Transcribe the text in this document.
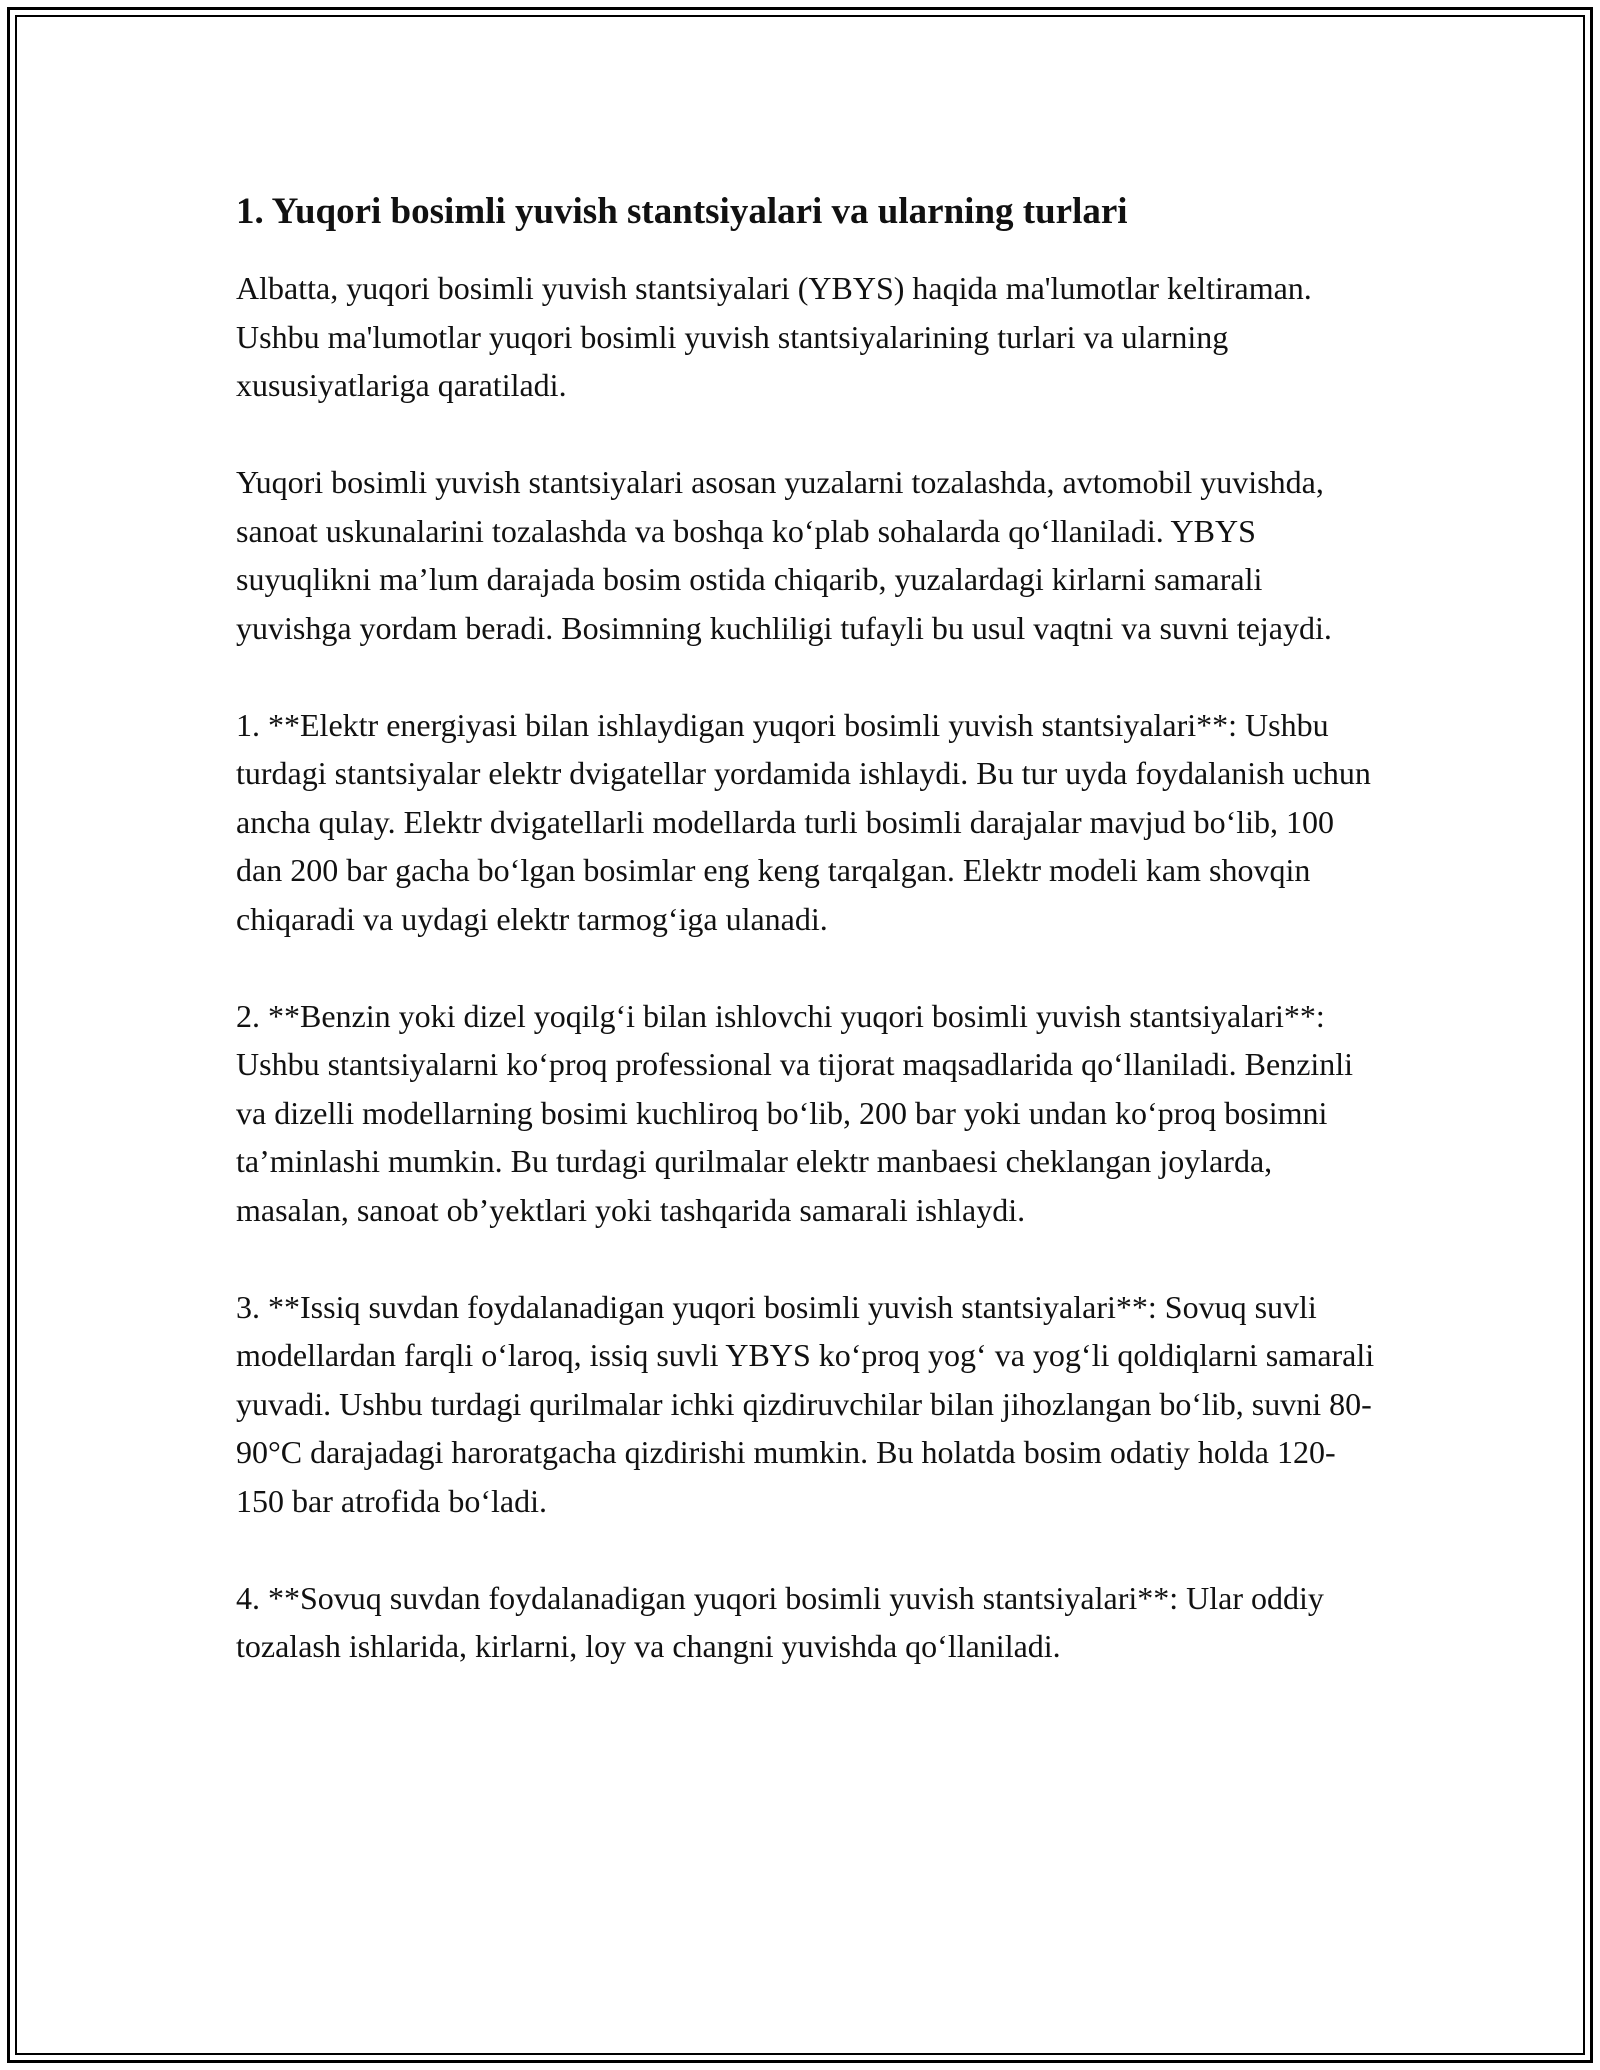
1. Yuqori bosimli yuvish stantsiyalari va ularning turlari

Albatta, yuqori bosimli yuvish stantsiyalari (YBYS) haqida ma'lumotlar keltiraman. Ushbu ma'lumotlar yuqori bosimli yuvish stantsiyalarining turlari va ularning xususiyatlariga qaratiladi.

Yuqori bosimli yuvish stantsiyalari asosan yuzalarni tozalashda, avtomobil yuvishda, sanoat uskunalarini tozalashda va boshqa ko‘plab sohalarda qo‘llaniladi. YBYS suyuqlikni ma’lum darajada bosim ostida chiqarib, yuzalardagi kirlarni samarali yuvishga yordam beradi. Bosimning kuchliligi tufayli bu usul vaqtni va suvni tejaydi.

1. **Elektr energiyasi bilan ishlaydigan yuqori bosimli yuvish stantsiyalari**: Ushbu turdagi stantsiyalar elektr dvigatellar yordamida ishlaydi. Bu tur uyda foydalanish uchun ancha qulay. Elektr dvigatellarli modellarda turli bosimli darajalar mavjud bo‘lib, 100 dan 200 bar gacha bo‘lgan bosimlar eng keng tarqalgan. Elektr modeli kam shovqin chiqaradi va uydagi elektr tarmog‘iga ulanadi.

2. **Benzin yoki dizel yoqilg‘i bilan ishlovchi yuqori bosimli yuvish stantsiyalari**: Ushbu stantsiyalarni ko‘proq professional va tijorat maqsadlarida qo‘llaniladi. Benzinli va dizelli modellarning bosimi kuchliroq bo‘lib, 200 bar yoki undan ko‘proq bosimni ta’minlashi mumkin. Bu turdagi qurilmalar elektr manbaesi cheklangan joylarda, masalan, sanoat ob’yektlari yoki tashqarida samarali ishlaydi.

3. **Issiq suvdan foydalanadigan yuqori bosimli yuvish stantsiyalari**: Sovuq suvli modellardan farqli o‘laroq, issiq suvli YBYS ko‘proq yog‘ va yog‘li qoldiqlarni samarali yuvadi. Ushbu turdagi qurilmalar ichki qizdiruvchilar bilan jihozlangan bo‘lib, suvni 80-90°C darajadagi haroratgacha qizdirishi mumkin. Bu holatda bosim odatiy holda 120-150 bar atrofida bo‘ladi.

4. **Sovuq suvdan foydalanadigan yuqori bosimli yuvish stantsiyalari**: Ular oddiy tozalash ishlarida, kirlarni, loy va changni yuvishda qo‘llaniladi.
